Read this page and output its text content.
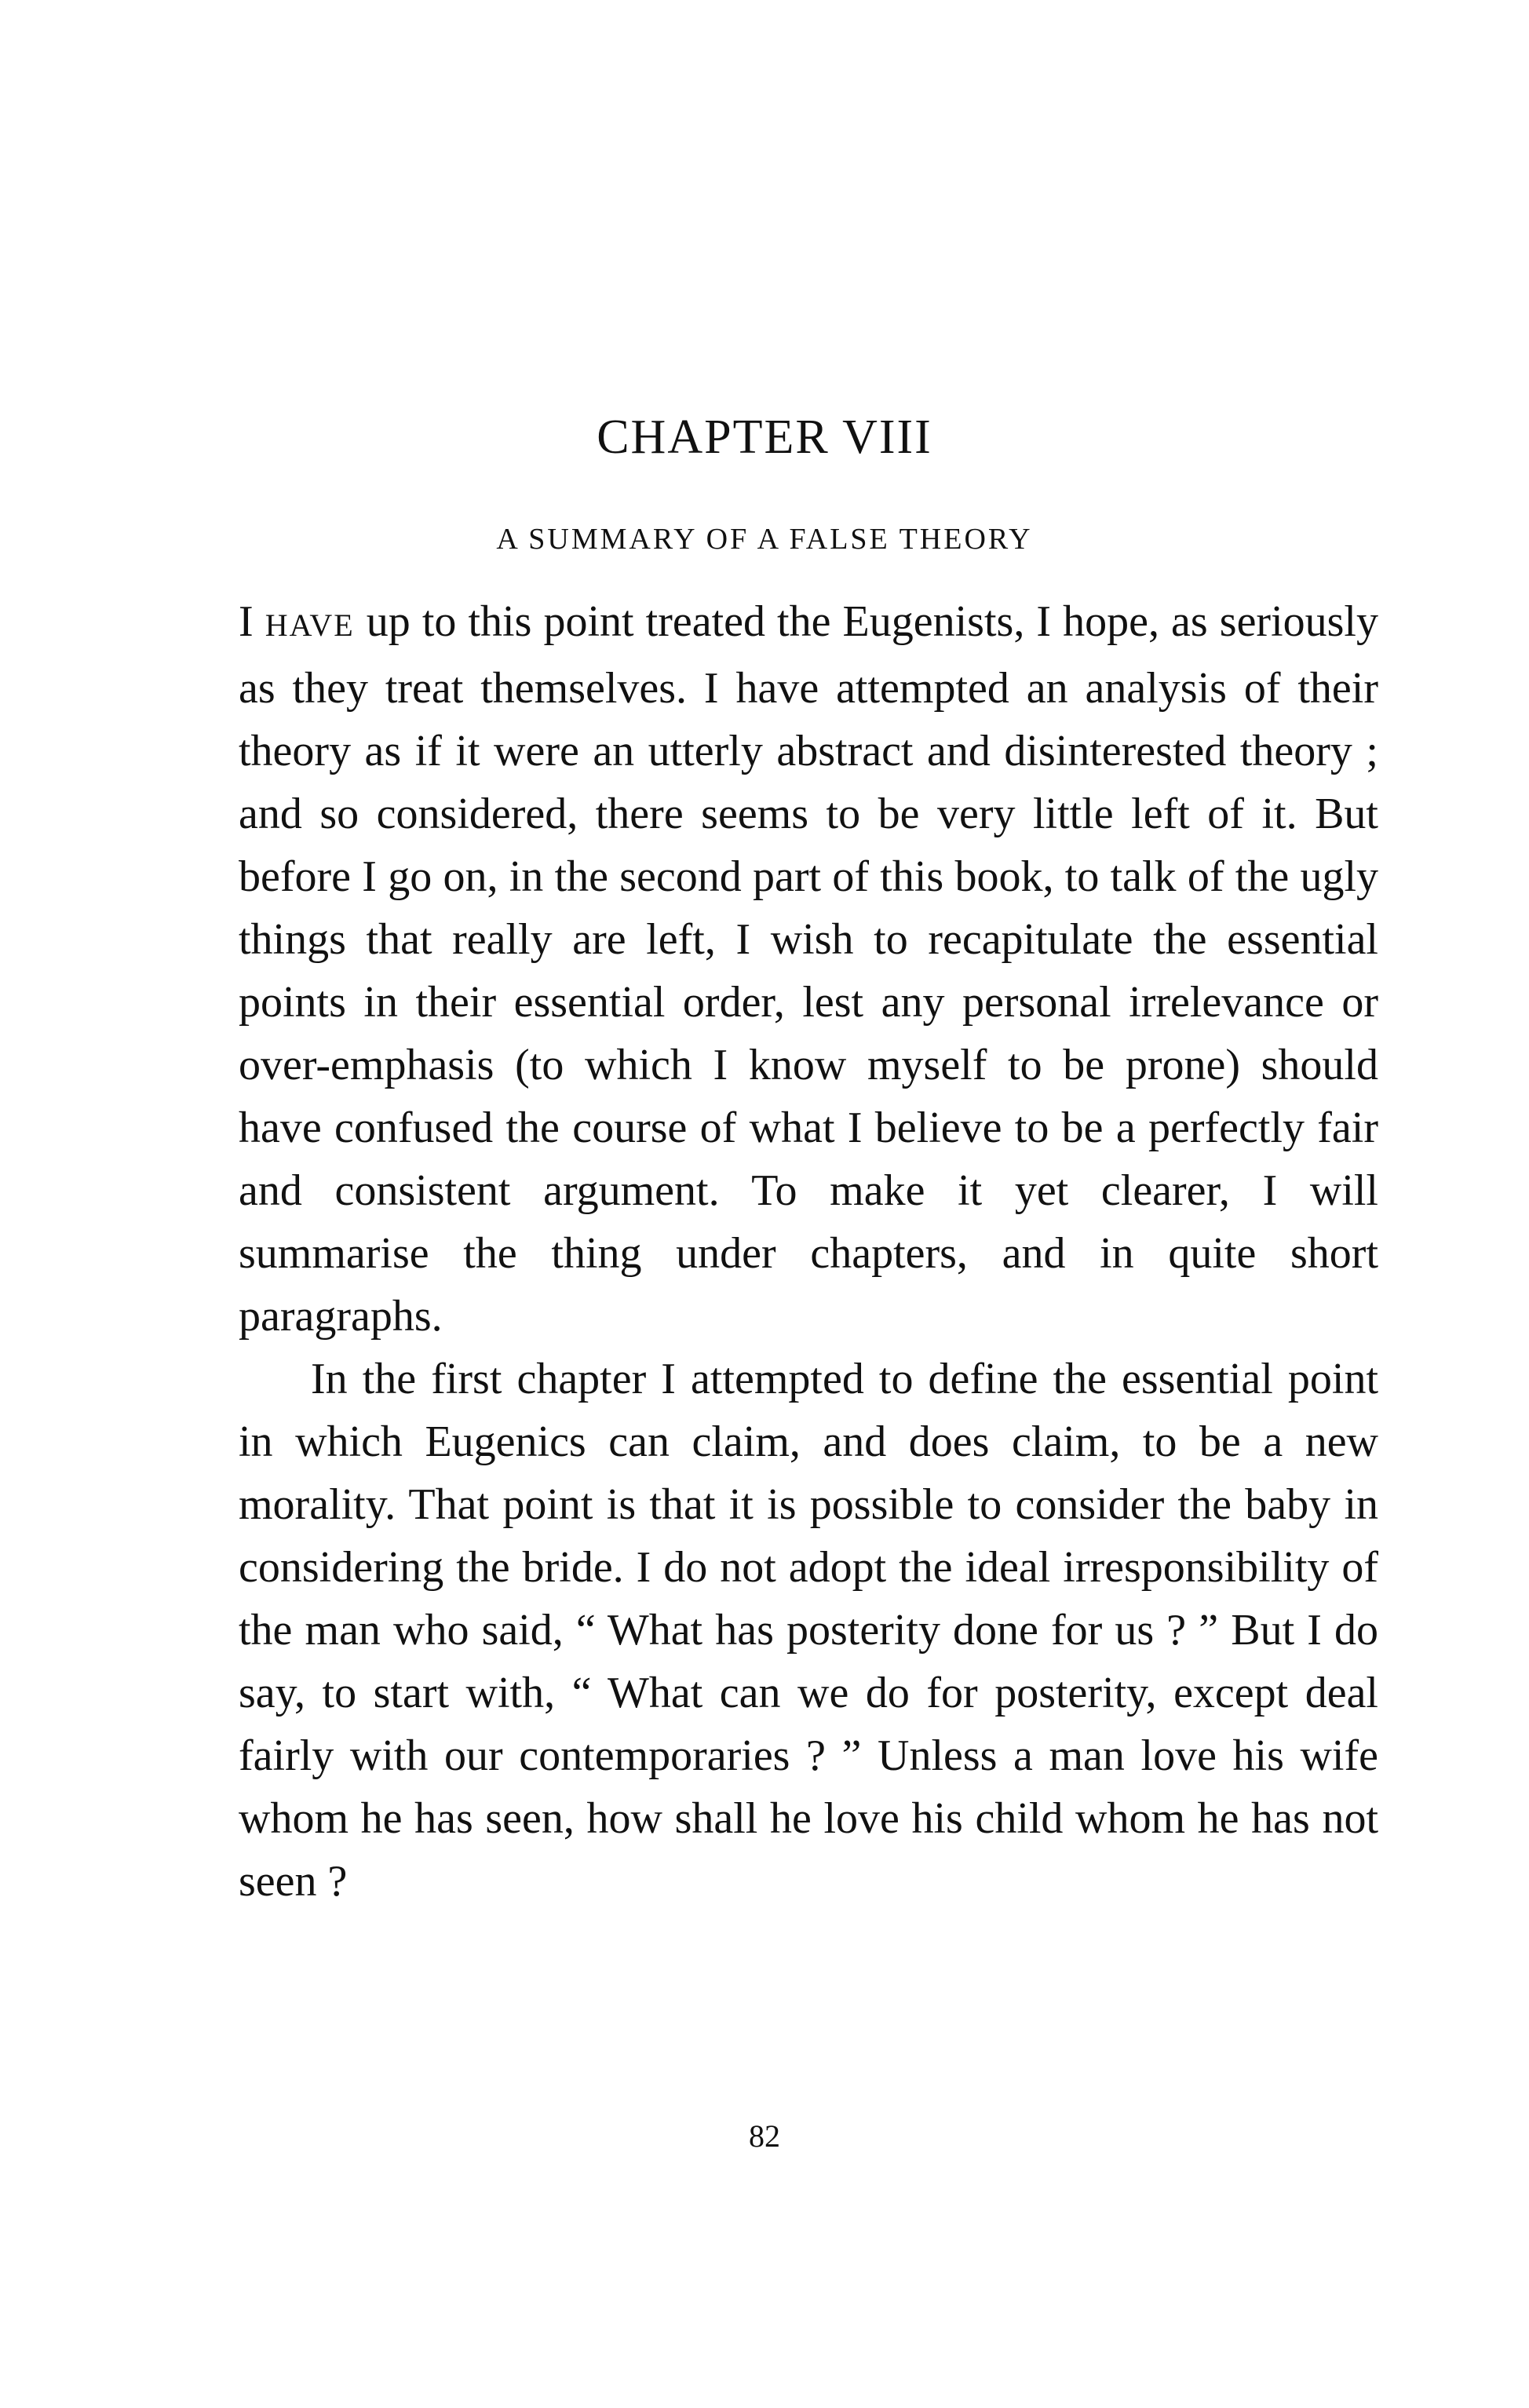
CHAPTER VIII
A SUMMARY OF A FALSE THEORY

I HAVE up to this point treated the Eugenists, I hope, as seriously as they treat themselves. I have attempted an analysis of their theory as if it were an utterly abstract and disinterested theory ; and so considered, there seems to be very little left of it. But before I go on, in the second part of this book, to talk of the ugly things that really are left, I wish to recapitulate the essential points in their essential order, lest any personal irrelevance or over-emphasis (to which I know myself to be prone) should have confused the course of what I believe to be a perfectly fair and consistent argument. To make it yet clearer, I will summarise the thing under chapters, and in quite short paragraphs.

In the first chapter I attempted to define the essential point in which Eugenics can claim, and does claim, to be a new morality. That point is that it is possible to consider the baby in considering the bride. I do not adopt the ideal irresponsibility of the man who said, “ What has posterity done for us ? ” But I do say, to start with, “ What can we do for posterity, except deal fairly with our contemporaries ? ” Unless a man love his wife whom he has seen, how shall he love his child whom he has not seen ?

82
